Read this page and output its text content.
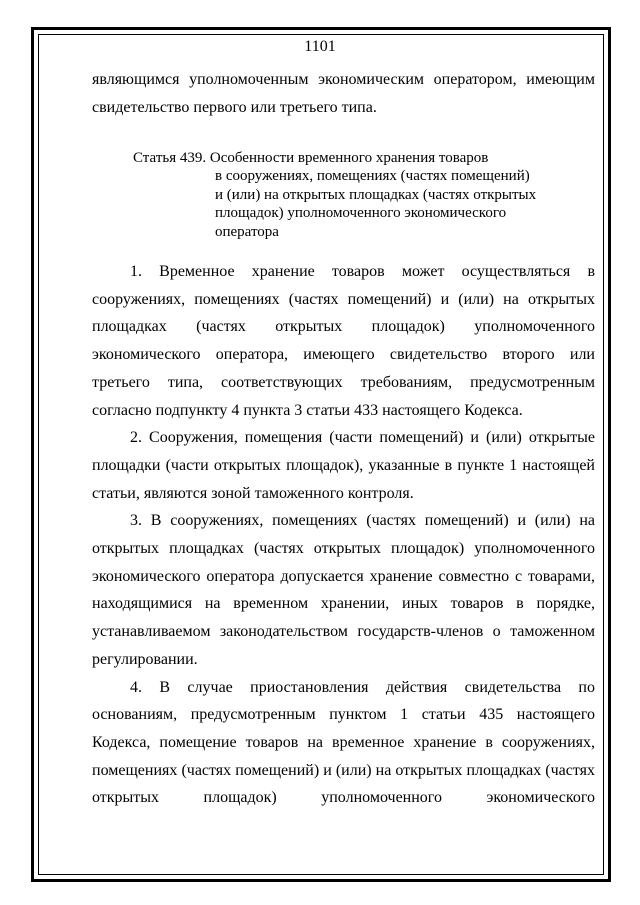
1101

являющимся уполномоченным экономическим оператором, имеющим свидетельство первого или третьего типа.

Статья 439. Особенности временного хранения товаров
в сооружениях, помещениях (частях помещений)
и (или) на открытых площадках (частях открытых
площадок) уполномоченного экономического
оператора

1. Временное хранение товаров может осуществляться в сооружениях, помещениях (частях помещений) и (или) на открытых площадках (частях открытых площадок) уполномоченного экономического оператора, имеющего свидетельство второго или третьего типа, соответствующих требованиям, предусмотренным согласно подпункту 4 пункта 3 статьи 433 настоящего Кодекса.

2. Сооружения, помещения (части помещений) и (или) открытые площадки (части открытых площадок), указанные в пункте 1 настоящей статьи, являются зоной таможенного контроля.

3. В сооружениях, помещениях (частях помещений) и (или) на открытых площадках (частях открытых площадок) уполномоченного экономического оператора допускается хранение совместно с товарами, находящимися на временном хранении, иных товаров в порядке, устанавливаемом законодательством государств-членов о таможенном регулировании.

4. В случае приостановления действия свидетельства по основаниям, предусмотренным пунктом 1 статьи 435 настоящего Кодекса, помещение товаров на временное хранение в сооружениях, помещениях (частях помещений) и (или) на открытых площадках (частях открытых площадок) уполномоченного экономического
